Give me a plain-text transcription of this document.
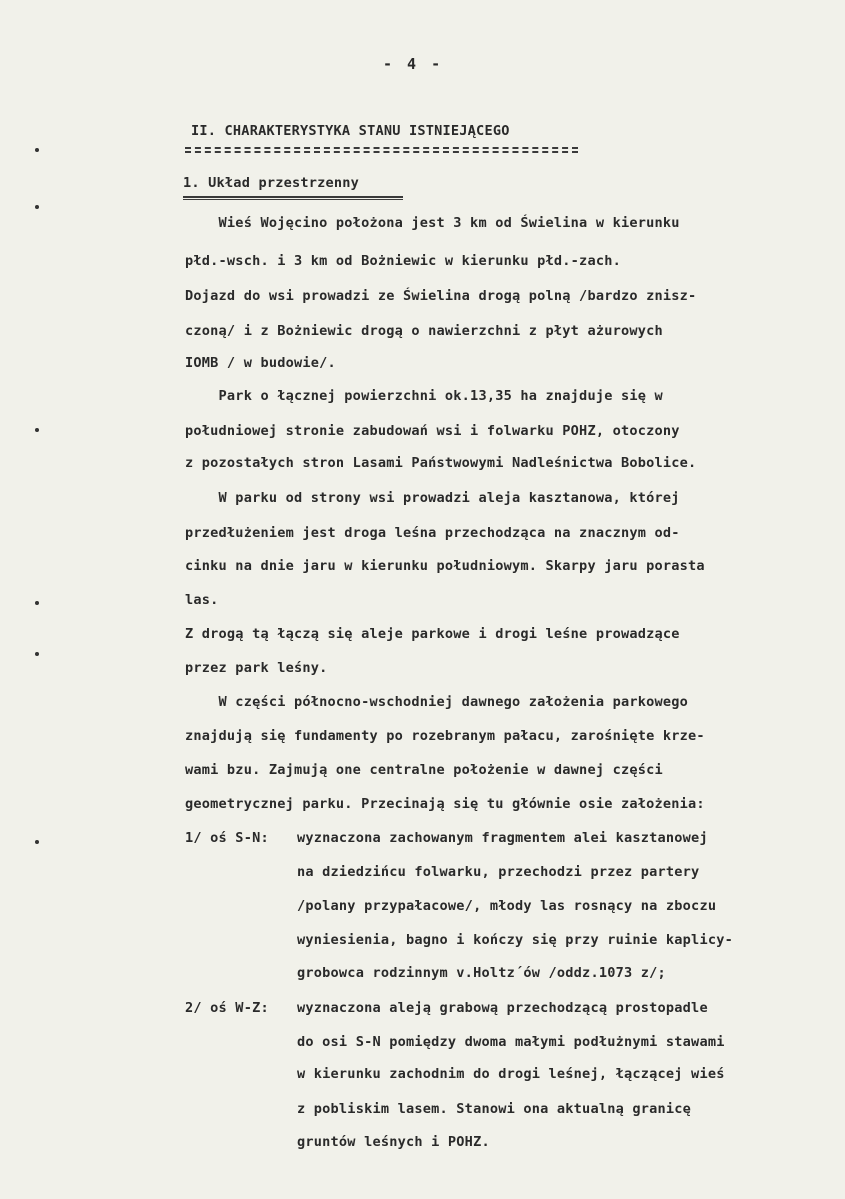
- 4 -
II. CHARAKTERYSTYKA STANU ISTNIEJĄCEGO
1. Układ przestrzenny
Wieś Wojęcino położona jest 3 km od Świelina w kierunku
płd.-wsch. i 3 km od Bożniewic w kierunku płd.-zach.
Dojazd do wsi prowadzi ze Świelina drogą polną /bardzo znisz-
czoną/ i z Bożniewic drogą o nawierzchni z płyt ażurowych
IOMB / w budowie/.
Park o łącznej powierzchni ok.13,35 ha znajduje się w
południowej stronie zabudowań wsi i folwarku POHZ, otoczony
z pozostałych stron Lasami Państwowymi Nadleśnictwa Bobolice.
W parku od strony wsi prowadzi aleja kasztanowa, której
przedłużeniem jest droga leśna przechodząca na znacznym od-
cinku na dnie jaru w kierunku południowym. Skarpy jaru porasta
las.
Z drogą tą łączą się aleje parkowe i drogi leśne prowadzące
przez park leśny.
W części północno-wschodniej dawnego założenia parkowego
znajdują się fundamenty po rozebranym pałacu, zarośnięte krze-
wami bzu. Zajmują one centralne położenie w dawnej części
geometrycznej parku. Przecinają się tu głównie osie założenia:
1/ oś S-N: wyznaczona zachowanym fragmentem alei kasztanowej
na dziedzińcu folwarku, przechodzi przez partery
/polany przypałacowe/, młody las rosnący na zboczu
wyniesienia, bagno i kończy się przy ruinie kaplicy-
grobowca rodzinnym v.Holtz´ów /oddz.1073 z/;
2/ oś W-Z: wyznaczona aleją grabową przechodzącą prostopadle
do osi S-N pomiędzy dwoma małymi podłużnymi stawami
w kierunku zachodnim do drogi leśnej, łączącej wieś
z pobliskim lasem. Stanowi ona aktualną granicę
gruntów leśnych i POHZ.
